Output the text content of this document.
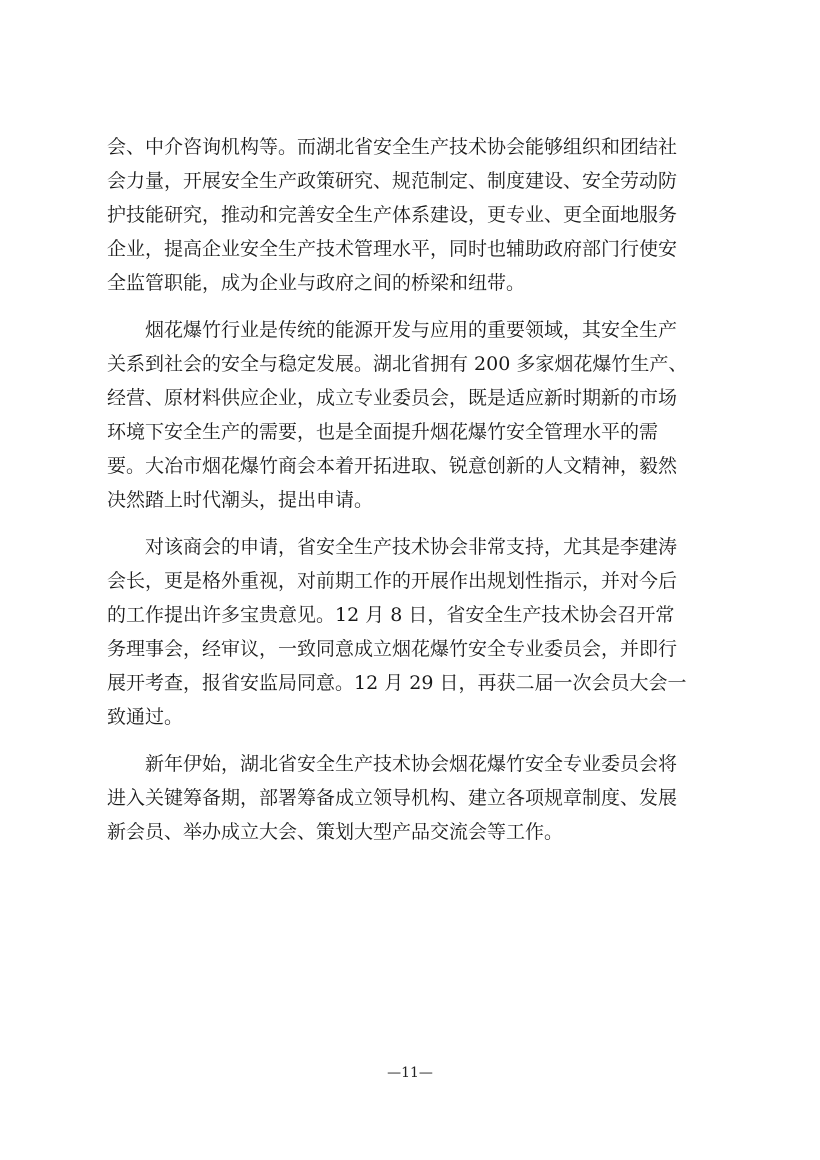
会、中介咨询机构等。而湖北省安全生产技术协会能够组织和团结社
会力量，开展安全生产政策研究、规范制定、制度建设、安全劳动防
护技能研究，推动和完善安全生产体系建设，更专业、更全面地服务
企业，提高企业安全生产技术管理水平，同时也辅助政府部门行使安
全监管职能，成为企业与政府之间的桥梁和纽带。
　　烟花爆竹行业是传统的能源开发与应用的重要领域，其安全生产
关系到社会的安全与稳定发展。湖北省拥有 200 多家烟花爆竹生产、
经营、原材料供应企业，成立专业委员会，既是适应新时期新的市场
环境下安全生产的需要，也是全面提升烟花爆竹安全管理水平的需
要。大冶市烟花爆竹商会本着开拓进取、锐意创新的人文精神，毅然
决然踏上时代潮头，提出申请。
　　对该商会的申请，省安全生产技术协会非常支持，尤其是李建涛
会长，更是格外重视，对前期工作的开展作出规划性指示，并对今后
的工作提出许多宝贵意见。12 月 8 日，省安全生产技术协会召开常
务理事会，经审议，一致同意成立烟花爆竹安全专业委员会，并即行
展开考查，报省安监局同意。12 月 29 日，再获二届一次会员大会一
致通过。
　　新年伊始，湖北省安全生产技术协会烟花爆竹安全专业委员会将
进入关键筹备期，部署筹备成立领导机构、建立各项规章制度、发展
新会员、举办成立大会、策划大型产品交流会等工作。
—11—
